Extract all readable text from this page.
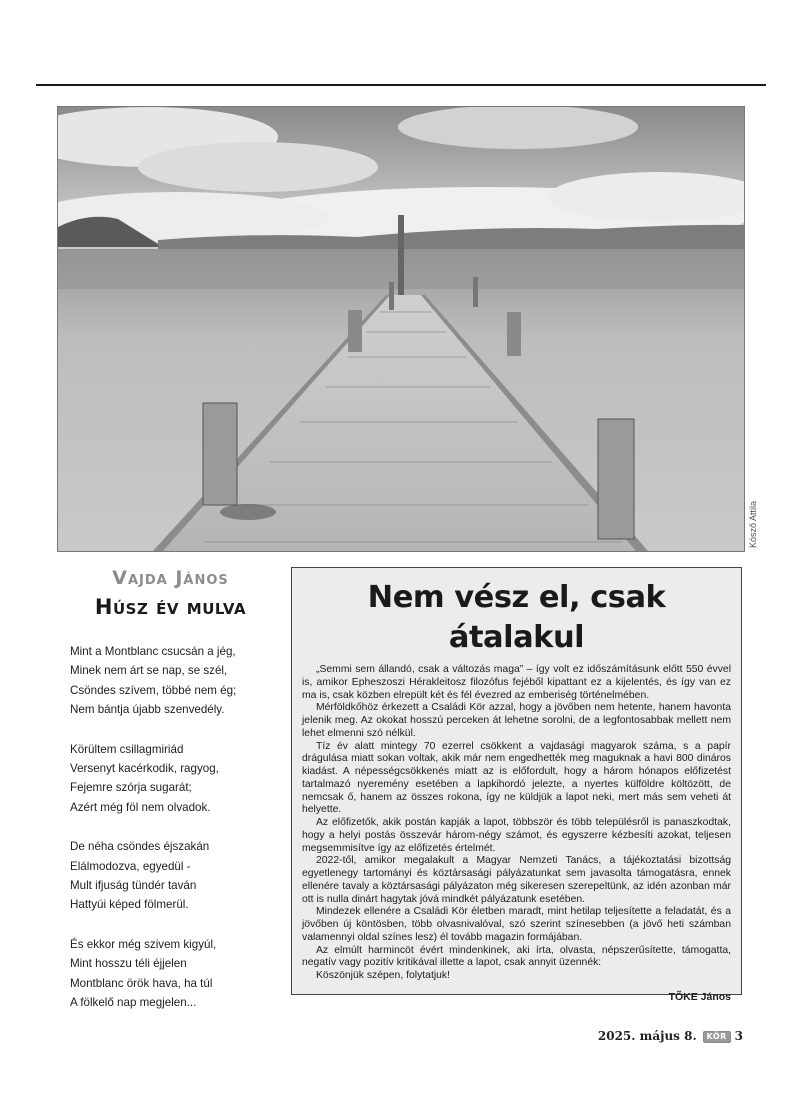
Kósző Attila

Vajda János

Húsz év mulva

Mint a Montblanc csucsán a jég,
Minek nem árt se nap, se szél,
Csöndes szívem, többé nem ég;
Nem bántja újabb szenvedély.
Körültem csillagmiriád
Versenyt kacérkodik, ragyog,
Fejemre szórja sugarát;
Azért még föl nem olvadok.
De néha csöndes éjszakán
Elálmodozva, egyedül -
Mult ifjuság tündér taván
Hattyúi képed fölmerül.
És ekkor még szivem kigyúl,
Mint hosszu téli éjjelen
Montblanc örök hava, ha túl
A fölkelő nap megjelen...
Nem vész el, csak átalakul

„Semmi sem állandó, csak a változás maga” – így volt ez időszámításunk előtt 550 évvel is, amikor Epheszoszi Hérakleitosz filozófus fejéből kipattant ez a kijelentés, és így van ez ma is, csak közben elrepült két és fél évezred az emberiség történelmében.

Mérföldkőhöz érkezett a Családi Kör azzal, hogy a jövőben nem hetente, hanem havonta jelenik meg. Az okokat hosszú perceken át lehetne sorolni, de a legfontosabbak mellett nem lehet elmenni szó nélkül.

Tíz év alatt mintegy 70 ezerrel csökkent a vajdasági magyarok száma, s a papír drágulása miatt sokan voltak, akik már nem engedhették meg maguknak a havi 800 dináros kiadást. A népességcsökkenés miatt az is előfordult, hogy a három hónapos előfizetést tartalmazó nyeremény esetében a lapkihordó jelezte, a nyertes külföldre költözött, de nemcsak ő, hanem az összes rokona, így ne küldjük a lapot neki, mert más sem veheti át helyette.

Az előfizetők, akik postán kapják a lapot, többször és több településről is panaszkodtak, hogy a helyi postás összevár három-négy számot, és egyszerre kézbesíti azokat, teljesen megsemmisítve így az előfizetés értelmét.

2022-től, amikor megalakult a Magyar Nemzeti Tanács, a tájékoztatási bizottság egyetlenegy tartományi és köztársasági pályázatunkat sem javasolta támogatásra, ennek ellenére tavaly a köztársasági pályázaton még sikeresen szerepeltünk, az idén azonban már ott is nulla dinárt hagytak jóvá mindkét pályázatunk esetében.

Mindezek ellenére a Családi Kör életben maradt, mint hetilap teljesítette a feladatát, és a jövőben új köntösben, több olvasnivalóval, szó szerint színesebben (a jövő heti számban valamennyi oldal színes lesz) él tovább magazin formájában.

Az elmúlt harmincöt évért mindenkinek, aki írta, olvasta, népszerűsítette, támogatta, negatív vagy pozitív kritikával illette a lapot, csak annyit üzennék:

Köszönjük szépen, folytatjuk!

TÕKE János
2025. május 8.	KÖR 3
